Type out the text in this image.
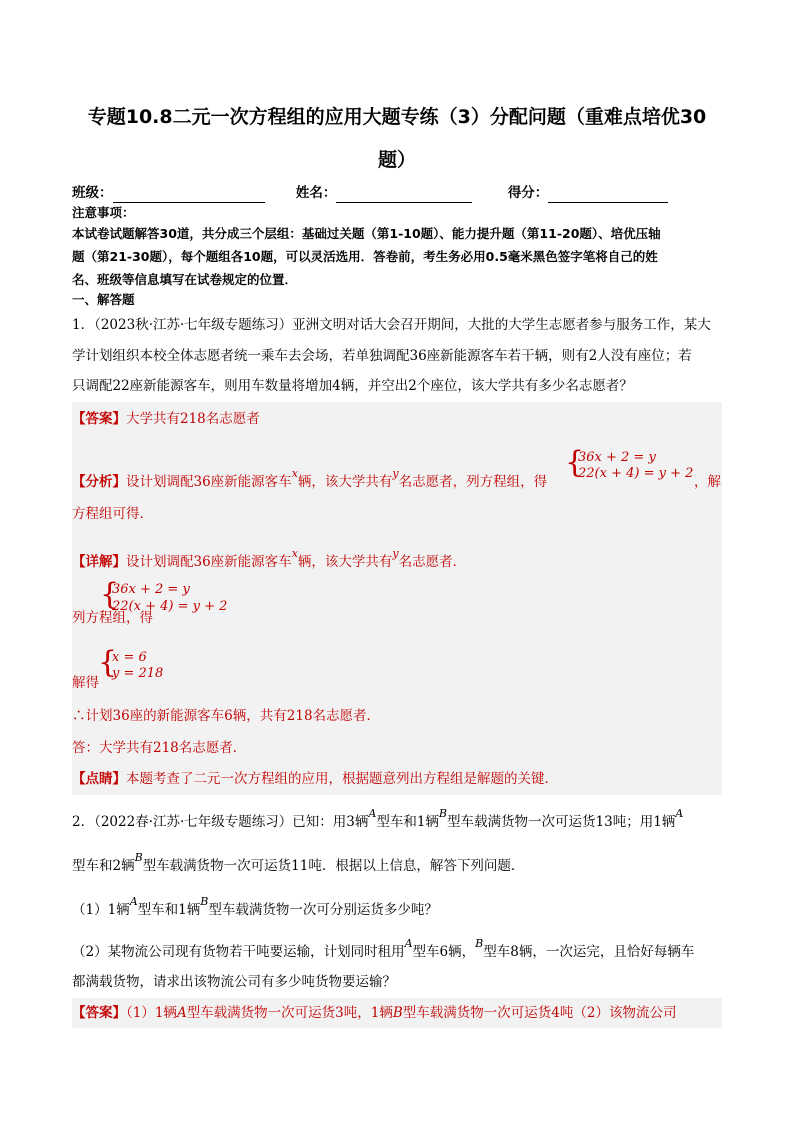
专题10.8二元一次方程组的应用大题专练（3）分配问题（重难点培优30
题）
班级：	姓名：	得分：
注意事项：
本试卷试题解答30道，共分成三个层组：基础过关题（第1-10题）、能力提升题（第11-20题）、培优压轴
题（第21-30题），每个题组各10题，可以灵活选用．答卷前，考生务必用0.5毫米黑色签字笔将自己的姓
名、班级等信息填写在试卷规定的位置．
一、解答题
1．（2023秋·江苏·七年级专题练习）亚洲文明对话大会召开期间，大批的大学生志愿者参与服务工作，某大
学计划组织本校全体志愿者统一乘车去会场，若单独调配36座新能源客车若干辆，则有2人没有座位；若
只调配22座新能源客车，则用车数量将增加4辆，并空出2个座位，该大学共有多少名志愿者？
【答案】大学共有218名志愿者
【分析】设计划调配36座新能源客车$^x$辆，该大学共有$^y$名志愿者，列方程组，得
{
36x + 2 = y
22(x + 4) = y + 2
，解
方程组可得．
【详解】设计划调配36座新能源客车$^x$辆，该大学共有$^y$名志愿者．
{
36x + 2 = y
22(x + 4) = y + 2
列方程组，得
{
x = 6
y = 218
解得
∴计划36座的新能源客车6辆，共有218名志愿者．
答：大学共有218名志愿者．
【点睛】本题考查了二元一次方程组的应用，根据题意列出方程组是解题的关键．
2．（2022春·江苏·七年级专题练习）已知：用3辆$^A$型车和1辆$^B$型车载满货物一次可运货13吨；用1辆$^A$
型车和2辆$^B$型车载满货物一次可运货11吨．根据以上信息，解答下列问题．
（1）1辆$^A$型车和1辆$^B$型车载满货物一次可分别运货多少吨？
（2）某物流公司现有货物若干吨要运输，计划同时租用$^A$型车6辆，$^B$型车8辆，一次运完，且恰好每辆车
都满载货物，请求出该物流公司有多少吨货物要运输？
【答案】（1）1辆A型车载满货物一次可运货3吨，1辆B型车载满货物一次可运货4吨（2）该物流公司
